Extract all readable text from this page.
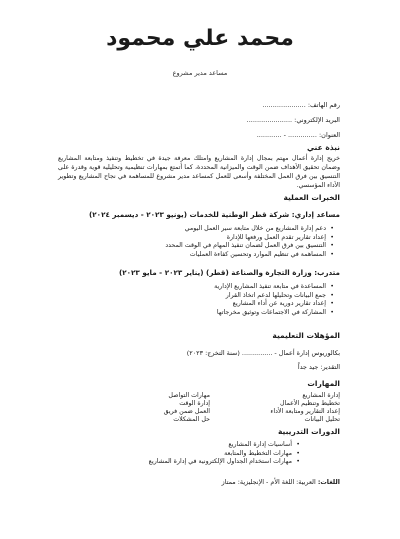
محمد علي محمود
مساعد مدير مشروع
رقم الهاتف: .....................
البريد الإلكتروني: ......................
العنوان: .............. - ............
نبذة عني
خريج إدارة أعمال مهتم بمجال إدارة المشاريع وامتلك معرفة جيدة في تخطيط وتنفيذ ومتابعة المشاريع وضمان تحقيق الأهداف ضمن الوقت والميزانية المحددة، كما أتمتع بمهارات تنظيمية وتحليلية قوية وقدرة على التنسيق بين فرق العمل المختلفة وأسعى للعمل كمساعد مدير مشروع للمساهمة في نجاح المشاريع وتطوير الأداء المؤسسي.
الخبرات العملية
مساعد إداري: شركة قطر الوطنية للخدمات (يونيو ٢٠٢٣ - ديسمبر ٢٠٢٤)
• دعم إدارة المشاريع من خلال متابعة سير العمل اليومي
• إعداد تقارير تقدم العمل ورفعها للإدارة
• التنسيق بين فرق العمل لضمان تنفيذ المهام في الوقت المحدد
• المساهمة في تنظيم الموارد وتحسين كفاءة العمليات
متدرب: وزارة التجارة والصناعة (قطر) (يناير ٢٠٢٣ - مايو ٢٠٢٣)
• المساعدة في متابعة تنفيذ المشاريع الإدارية
• جمع البيانات وتحليلها لدعم اتخاذ القرار
• إعداد تقارير دورية عن أداء المشاريع
• المشاركة في الاجتماعات وتوثيق مخرجاتها
المؤهلات التعليمية
بكالوريوس إدارة أعمال - ............... (سنة التخرج: ٢٠٢٣)
التقدير: جيد جداً
المهارات
إدارة المشاريع
تخطيط وتنظيم الأعمال
إعداد التقارير ومتابعة الأداء
تحليل البيانات
مهارات التواصل
إدارة الوقت
العمل ضمن فريق
حل المشكلات
الدورات التدريبية
• أساسيات إدارة المشاريع
• مهارات التخطيط والمتابعة
• مهارات استخدام الجداول الإلكترونية في إدارة المشاريع
اللغات: العربية: اللغة الأم - الإنجليزية: ممتاز
